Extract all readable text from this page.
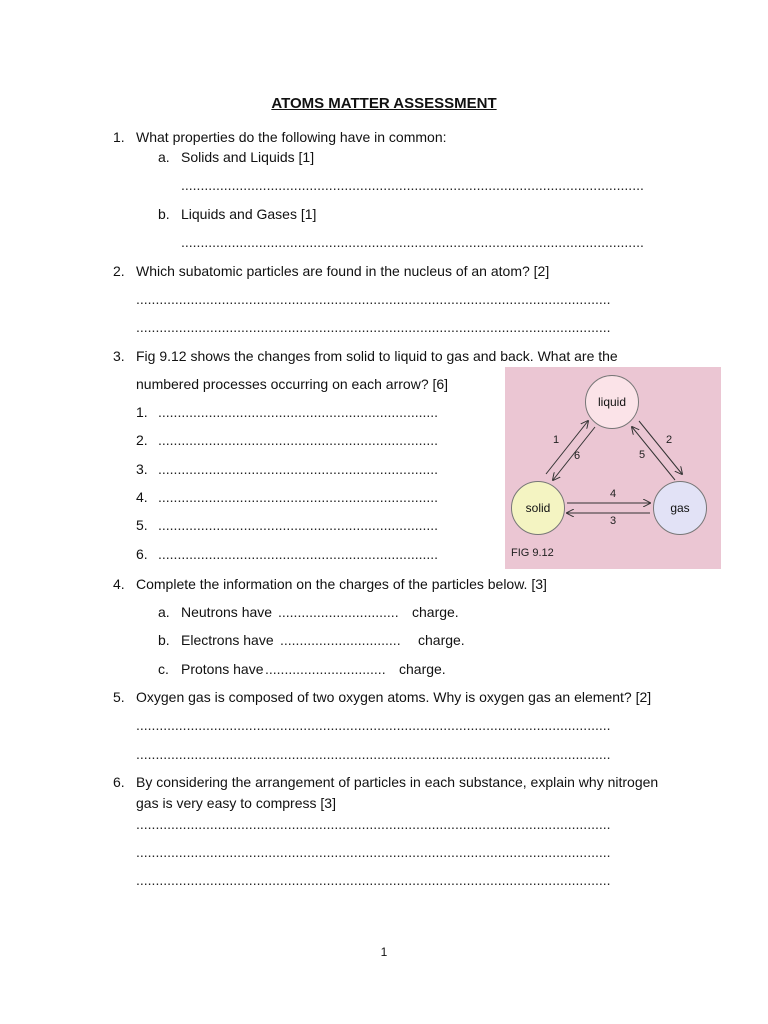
ATOMS MATTER ASSESSMENT
1. What properties do the following have in common:
a. Solids and Liquids [1]
.......................................................................................................................
b. Liquids and Gases [1]
.......................................................................................................................
2. Which subatomic particles are found in the nucleus of an atom? [2]
..........................................................................................................................
..........................................................................................................................
3. Fig 9.12 shows the changes from solid to liquid to gas and back. What are the
numbered processes occurring on each arrow? [6]
1. ........................................................................
2. ........................................................................
3. ........................................................................
4. ........................................................................
5. ........................................................................
6. ........................................................................
liquid
solid	gas
1
6
2
5
4
3
FIG 9.12
4. Complete the information on the charges of the particles below. [3]
a. Neutrons have ............................... charge.
b. Electrons have ...............................	charge.
c. Protons have ............................... charge.
5. Oxygen gas is composed of two oxygen atoms. Why is oxygen gas an element? [2]
..........................................................................................................................
..........................................................................................................................
6. By considering the arrangement of particles in each substance, explain why nitrogen
gas is very easy to compress [3]
..........................................................................................................................
..........................................................................................................................
..........................................................................................................................
1
